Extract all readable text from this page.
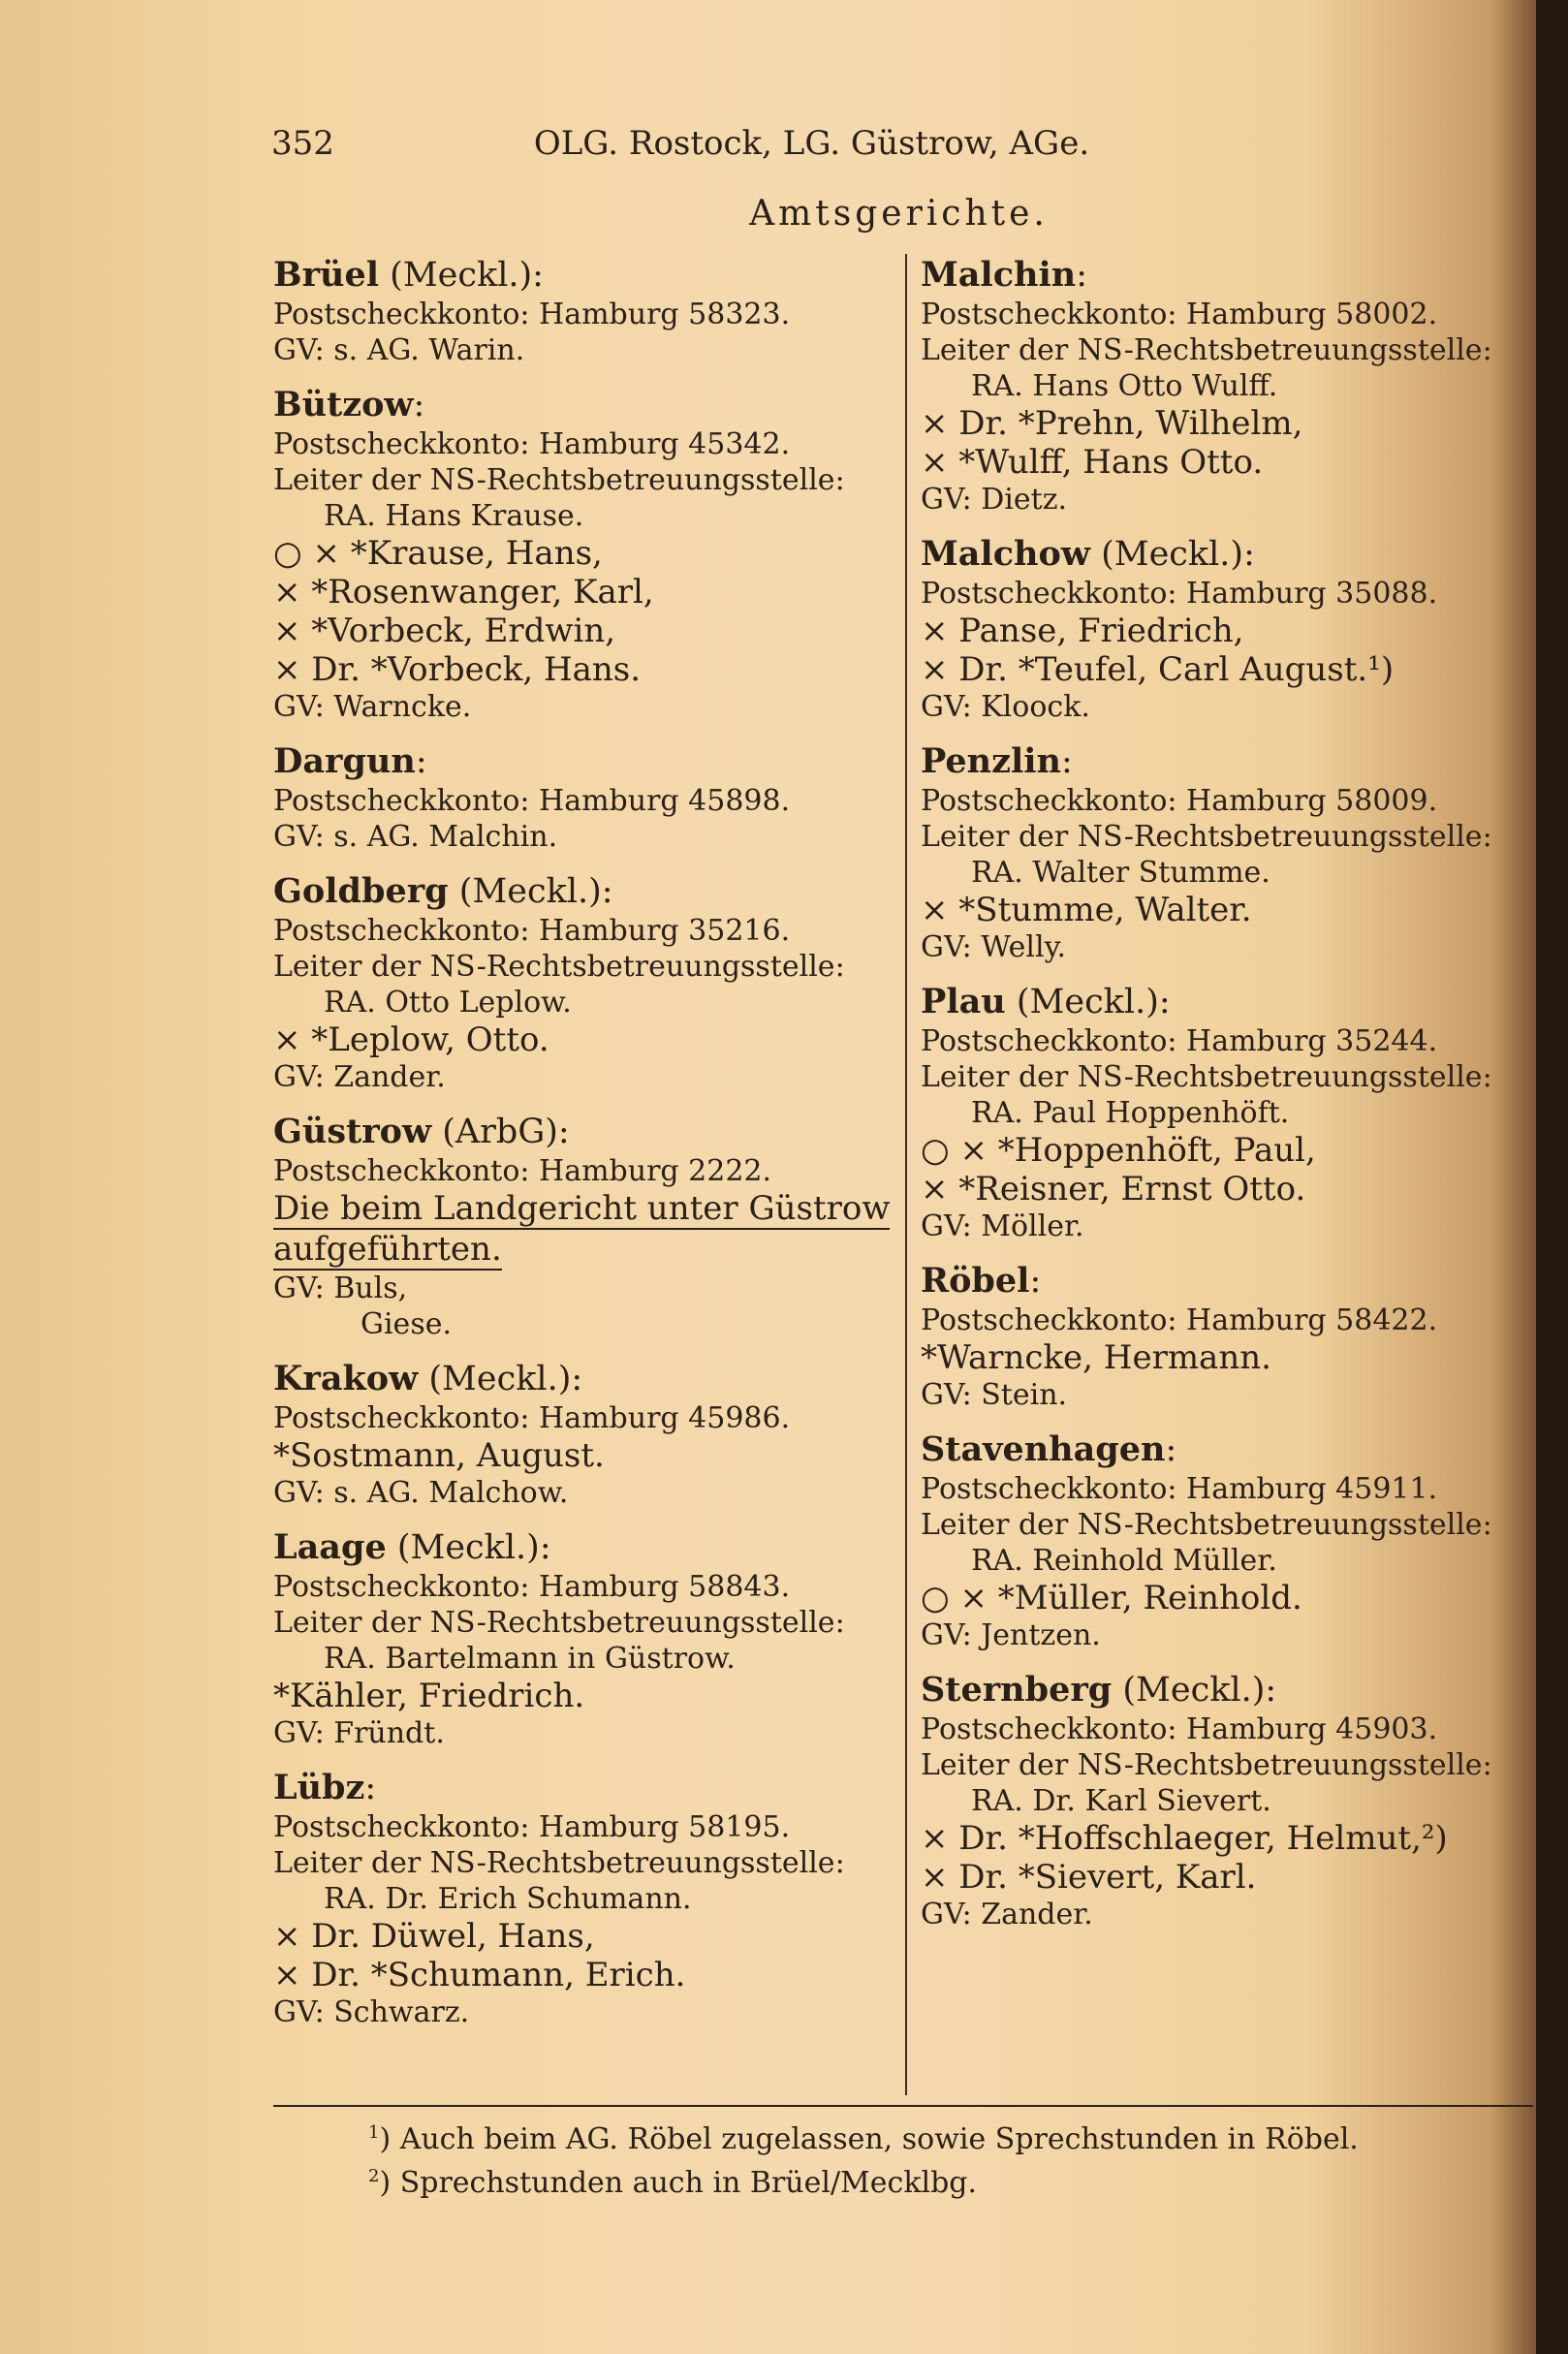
352	OLG. Rostock, LG. Güstrow, AGe.
Amtsgerichte.
Brüel (Meckl.):
Postscheckkonto: Hamburg 58323.
GV: s. AG. Warin.
Bützow:
Postscheckkonto: Hamburg 45342.
Leiter der NS-Rechtsbetreuungsstelle:
RA. Hans Krause.
○ × *Krause, Hans,
× *Rosenwanger, Karl,
× *Vorbeck, Erdwin,
× Dr. *Vorbeck, Hans.
GV: Warncke.
Dargun:
Postscheckkonto: Hamburg 45898.
GV: s. AG. Malchin.
Goldberg (Meckl.):
Postscheckkonto: Hamburg 35216.
Leiter der NS-Rechtsbetreuungsstelle:
RA. Otto Leplow.
× *Leplow, Otto.
GV: Zander.
Güstrow (ArbG):
Postscheckkonto: Hamburg 2222.
Die beim Landgericht unter Güstrow
aufgeführten.
GV: Buls,
Giese.
Krakow (Meckl.):
Postscheckkonto: Hamburg 45986.
*Sostmann, August.
GV: s. AG. Malchow.
Laage (Meckl.):
Postscheckkonto: Hamburg 58843.
Leiter der NS-Rechtsbetreuungsstelle:
RA. Bartelmann in Güstrow.
*Kähler, Friedrich.
GV: Fründt.
Lübz:
Postscheckkonto: Hamburg 58195.
Leiter der NS-Rechtsbetreuungsstelle:
RA. Dr. Erich Schumann.
× Dr. Düwel, Hans,
× Dr. *Schumann, Erich.
GV: Schwarz.
Malchin:
Postscheckkonto: Hamburg 58002.
Leiter der NS-Rechtsbetreuungsstelle:
RA. Hans Otto Wulff.
× Dr. *Prehn, Wilhelm,
× *Wulff, Hans Otto.
GV: Dietz.
Malchow (Meckl.):
Postscheckkonto: Hamburg 35088.
× Panse, Friedrich,
× Dr. *Teufel, Carl August.¹)
GV: Kloock.
Penzlin:
Postscheckkonto: Hamburg 58009.
Leiter der NS-Rechtsbetreuungsstelle:
RA. Walter Stumme.
× *Stumme, Walter.
GV: Welly.
Plau (Meckl.):
Postscheckkonto: Hamburg 35244.
Leiter der NS-Rechtsbetreuungsstelle:
RA. Paul Hoppenhöft.
○ × *Hoppenhöft, Paul,
× *Reisner, Ernst Otto.
GV: Möller.
Röbel:
Postscheckkonto: Hamburg 58422.
*Warncke, Hermann.
GV: Stein.
Stavenhagen:
Postscheckkonto: Hamburg 45911.
Leiter der NS-Rechtsbetreuungsstelle:
RA. Reinhold Müller.
○ × *Müller, Reinhold.
GV: Jentzen.
Sternberg (Meckl.):
Postscheckkonto: Hamburg 45903.
Leiter der NS-Rechtsbetreuungsstelle:
RA. Dr. Karl Sievert.
× Dr. *Hoffschlaeger, Helmut,²)
× Dr. *Sievert, Karl.
GV: Zander.
$^1$) Auch beim AG. Röbel zugelassen, sowie Sprechstunden in Röbel.
$^2$) Sprechstunden auch in Brüel/Mecklbg.
